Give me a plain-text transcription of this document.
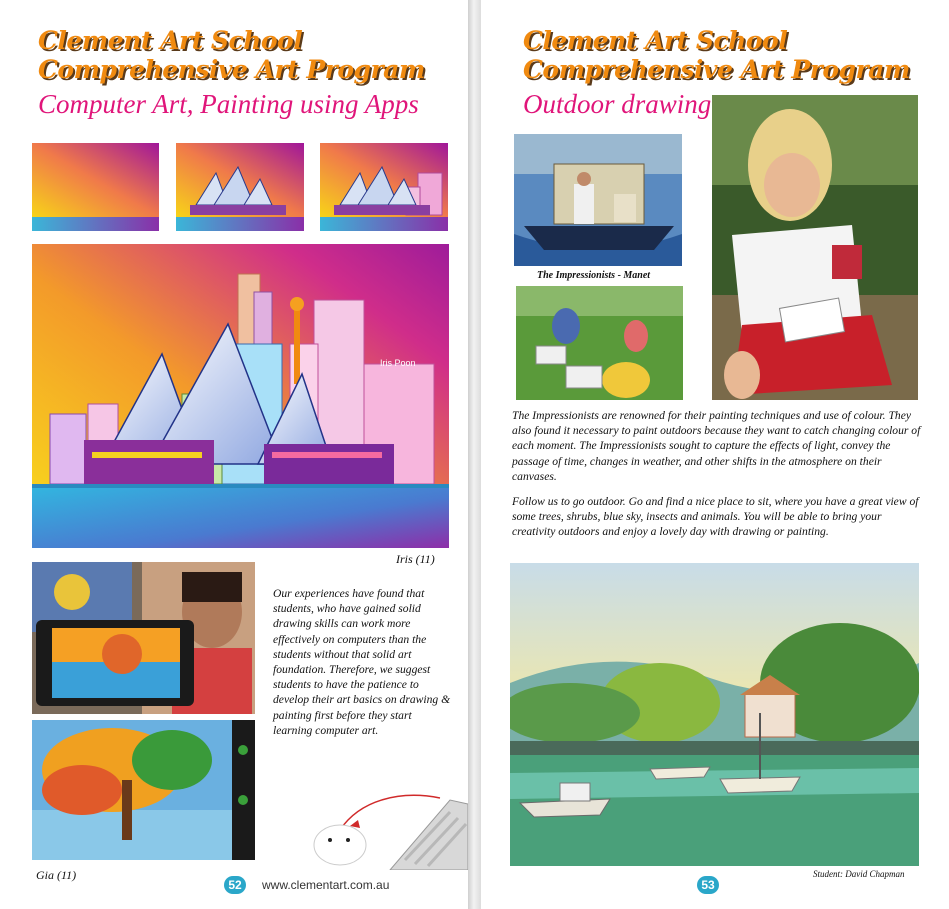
Clement Art School
Comprehensive Art Program
Computer Art, Painting using Apps
Iris Poon
Iris (11)

Our experiences have found that students, who have gained solid drawing skills can work more effectively on computers than the students without that solid art foundation. Therefore, we suggest students to have the patience to develop their art basics on drawing & painting first before they start learning computer art.

Gia (11)
52	www.clementart.com.au
Clement Art School
Comprehensive Art Program
Outdoor drawing
The Impressionists - Manet

The Impressionists are renowned for their painting techniques and use of colour. They also found it necessary to paint outdoors because they want to catch changing colour of each moment. The Impressionists sought to capture the effects of light, convey the passage of time, changes in weather, and other shifts in the atmosphere on their canvases.

Follow us to go outdoor. Go and find a nice place to sit, where you have a great view of some trees, shrubs, blue sky, insects and animals. You will be able to bring your creativity outdoors and enjoy a lovely day with drawing or painting.

Student: David Chapman
53
